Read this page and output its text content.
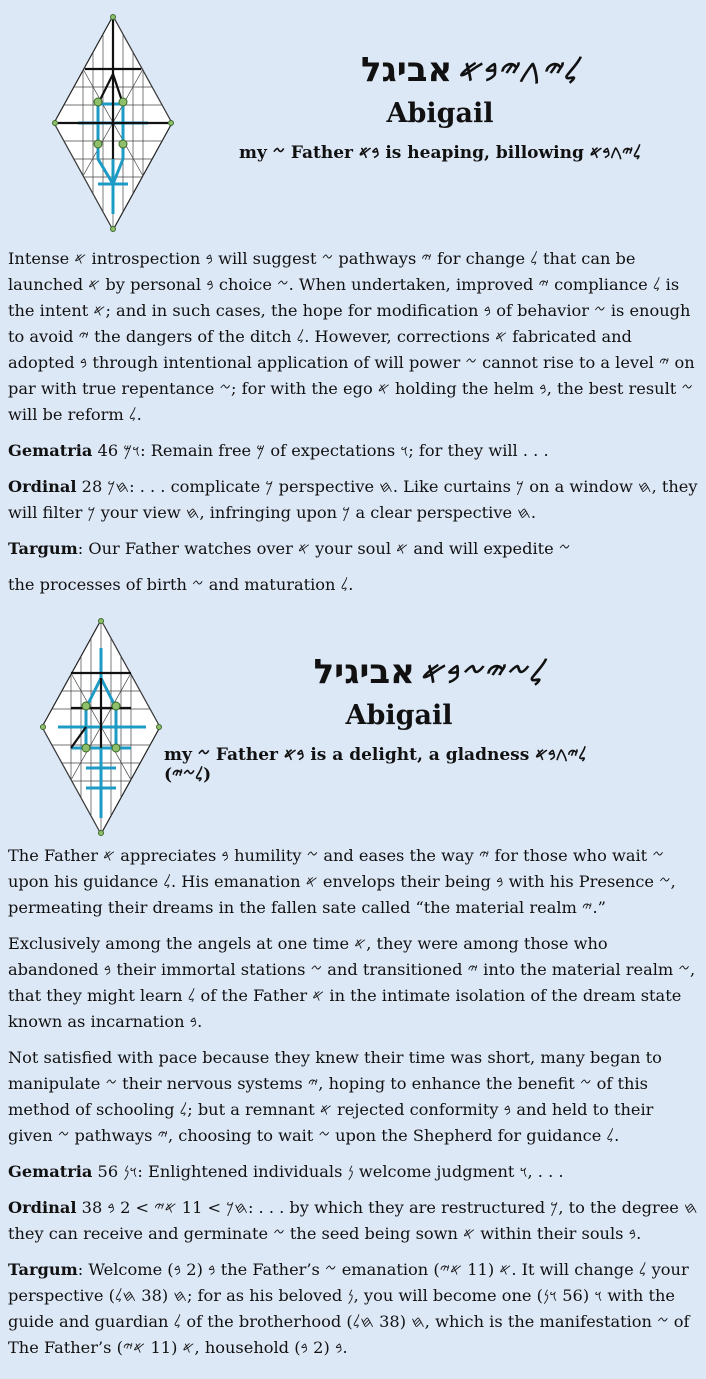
𐤋𐤉𐤂𐤉𐤁𐤀 אביגל
Abigail
my 𐤆 Father 𐤁𐤀 is heaping, billowing 𐤋𐤉𐤂𐤁𐤀

Intense 𐤀 introspection 𐤁 will suggest 𐤆 pathways 𐤉 for change 𐤋 that can be launched 𐤀 by personal 𐤁 choice 𐤆. When undertaken, improved 𐤉 compliance 𐤋 is the intent 𐤀; and in such cases, the hope for modification 𐤁 of behavior 𐤆 is enough to avoid 𐤉 the dangers of the ditch 𐤋. However, corrections 𐤀 fabricated and adopted 𐤁 through intentional application of will power 𐤆 cannot rise to a level 𐤉 on par with true repentance 𐤆; for with the ego 𐤀 holding the helm 𐤁, the best result 𐤆 will be reform 𐤋.

Gematria 46 𐤅𐤌: Remain free 𐤌 of expectations 𐤅; for they will . . .

Ordinal 28 𐤇𐤊: . . . complicate 𐤊 perspective 𐤇. Like curtains 𐤊 on a window 𐤇, they will filter 𐤊 your view 𐤇, infringing upon 𐤊 a clear perspective 𐤇.

Targum: Our Father watches over 𐤀 your soul 𐤀 and will expedite 𐤆

the processes of birth 𐤆 and maturation 𐤋.

𐤋𐤆𐤉𐤆𐤁𐤀 אביגיל
Abigail
my 𐤆 Father 𐤁𐤀 is a delight, a gladness 𐤋𐤉𐤂𐤁𐤀 (𐤋𐤆𐤉)

The Father 𐤀 appreciates 𐤁 humility 𐤆 and eases the way 𐤉 for those who wait 𐤆 upon his guidance 𐤋. His emanation 𐤀 envelops their being 𐤁 with his Presence 𐤆, permeating their dreams in the fallen sate called “the material realm 𐤉.”

Exclusively among the angels at one time 𐤀, they were among those who abandoned 𐤁 their immortal stations 𐤆 and transitioned 𐤉 into the material realm 𐤆, that they might learn 𐤋 of the Father 𐤀 in the intimate isolation of the dream state known as incarnation 𐤁.

Not satisfied with pace because they knew their time was short, many began to manipulate 𐤆 their nervous systems 𐤉, hoping to enhance the benefit 𐤆 of this method of schooling 𐤋; but a remnant 𐤀 rejected conformity 𐤁 and held to their given 𐤆 pathways 𐤉, choosing to wait 𐤆 upon the Shepherd for guidance 𐤋.

Gematria 56 𐤅𐤍: Enlightened individuals 𐤍 welcome judgment 𐤅, . . .

Ordinal 38 𐤇𐤊 > 11 𐤀𐤉 > 2 𐤁: . . . by which they are restructured 𐤊, to the degree 𐤇 they can receive and germinate 𐤆 the seed being sown 𐤀 within their souls 𐤁.

Targum: Welcome 𐤁 (2 𐤁) the Father’s 𐤆 emanation 𐤀 (11 𐤀𐤉). It will change 𐤋 your perspective 𐤇 (38 𐤇𐤋); for as his beloved 𐤍, you will become one 𐤅 (56 𐤅𐤍) with the guide and guardian 𐤋 of the brotherhood 𐤇 (38 𐤇𐤋), which is the manifestation 𐤆 of The Father’s 𐤀 (11 𐤀𐤉), household 𐤁 (2 𐤁).
